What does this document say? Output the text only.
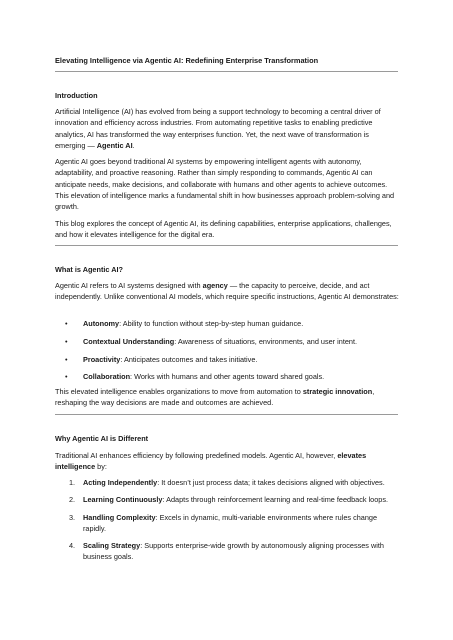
Elevating Intelligence via Agentic AI: Redefining Enterprise Transformation
Introduction

Artificial Intelligence (AI) has evolved from being a support technology to becoming a central driver of innovation and efficiency across industries. From automating repetitive tasks to enabling predictive analytics, AI has transformed the way enterprises function. Yet, the next wave of transformation is emerging — Agentic AI.

Agentic AI goes beyond traditional AI systems by empowering intelligent agents with autonomy, adaptability, and proactive reasoning. Rather than simply responding to commands, Agentic AI can anticipate needs, make decisions, and collaborate with humans and other agents to achieve outcomes. This elevation of intelligence marks a fundamental shift in how businesses approach problem-solving and growth.

This blog explores the concept of Agentic AI, its defining capabilities, enterprise applications, challenges, and how it elevates intelligence for the digital era.

What is Agentic AI?

Agentic AI refers to AI systems designed with agency — the capacity to perceive, decide, and act independently. Unlike conventional AI models, which require specific instructions, Agentic AI demonstrates:

• Autonomy: Ability to function without step-by-step human guidance.
• Contextual Understanding: Awareness of situations, environments, and user intent.
• Proactivity: Anticipates outcomes and takes initiative.
• Collaboration: Works with humans and other agents toward shared goals.

This elevated intelligence enables organizations to move from automation to strategic innovation, reshaping the way decisions are made and outcomes are achieved.

Why Agentic AI is Different

Traditional AI enhances efficiency by following predefined models. Agentic AI, however, elevates intelligence by:

1. Acting Independently: It doesn’t just process data; it takes decisions aligned with objectives.
2. Learning Continuously: Adapts through reinforcement learning and real-time feedback loops.
3. Handling Complexity: Excels in dynamic, multi-variable environments where rules change rapidly.
4. Scaling Strategy: Supports enterprise-wide growth by autonomously aligning processes with business goals.
